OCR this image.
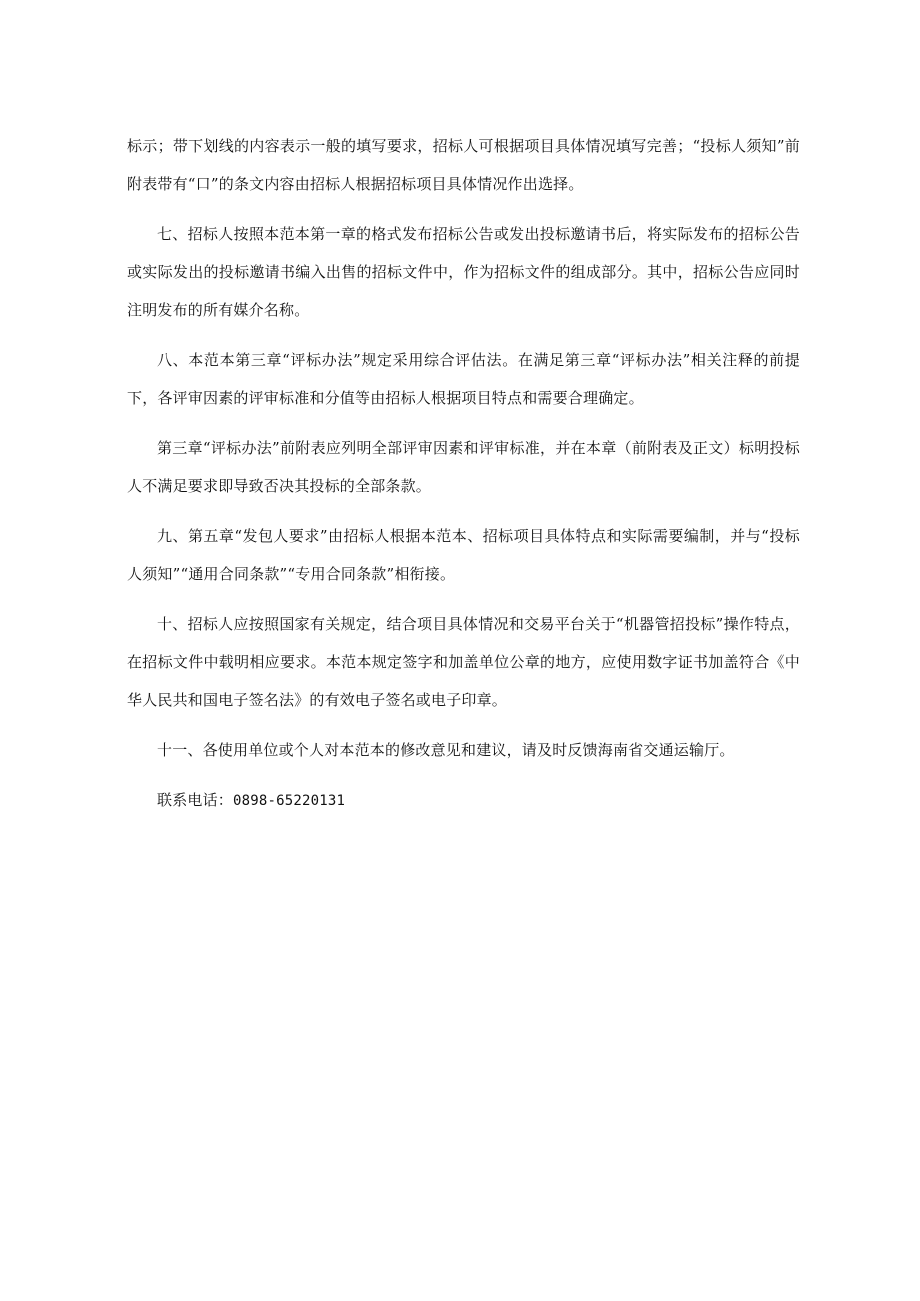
标示；带下划线的内容表示一般的填写要求，招标人可根据项目具体情况填写完善；“投标人须知”前附表带有“口”的条文内容由招标人根据招标项目具体情况作出选择。

七、招标人按照本范本第一章的格式发布招标公告或发出投标邀请书后，将实际发布的招标公告或实际发出的投标邀请书编入出售的招标文件中，作为招标文件的组成部分。其中，招标公告应同时注明发布的所有媒介名称。

八、本范本第三章“评标办法”规定采用综合评估法。在满足第三章“评标办法”相关注释的前提下，各评审因素的评审标准和分值等由招标人根据项目特点和需要合理确定。

第三章“评标办法”前附表应列明全部评审因素和评审标准，并在本章（前附表及正文）标明投标人不满足要求即导致否决其投标的全部条款。

九、第五章“发包人要求”由招标人根据本范本、招标项目具体特点和实际需要编制，并与“投标人须知”“通用合同条款”“专用合同条款”相衔接。

十、招标人应按照国家有关规定，结合项目具体情况和交易平台关于“机器管招投标”操作特点，在招标文件中载明相应要求。本范本规定签字和加盖单位公章的地方，应使用数字证书加盖符合《中华人民共和国电子签名法》的有效电子签名或电子印章。

十一、各使用单位或个人对本范本的修改意见和建议，请及时反馈海南省交通运输厅。

联系电话：0898-65220131
